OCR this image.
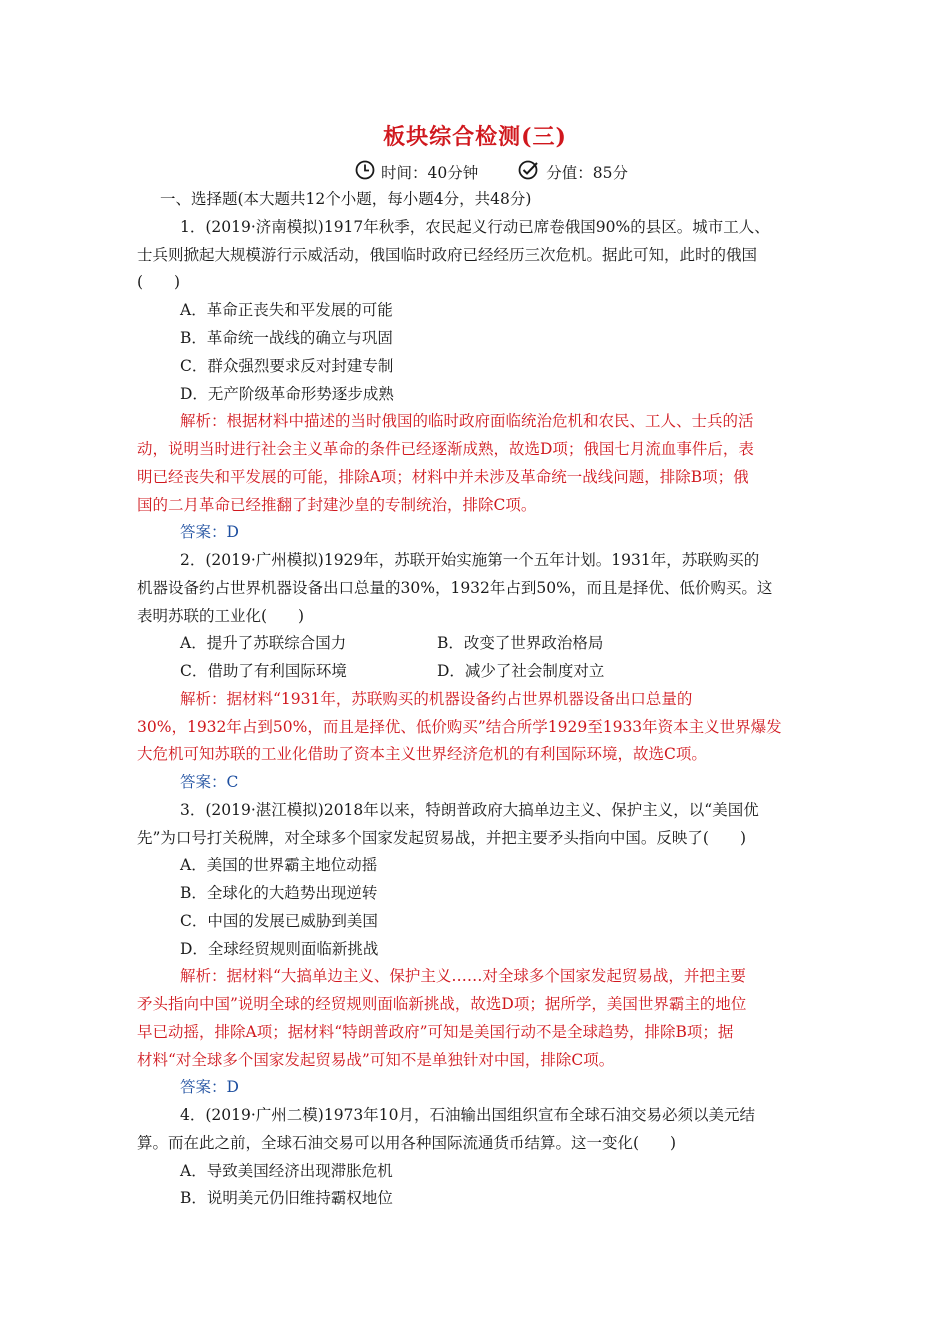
板块综合检测(三)
时间：40分钟	分值：85分
一、选择题(本大题共12个小题，每小题4分，共48分)
1．(2019·济南模拟)1917年秋季，农民起义行动已席卷俄国90%的县区。城市工人、
士兵则掀起大规模游行示威活动，俄国临时政府已经经历三次危机。据此可知，此时的俄国
(　　)
A．革命正丧失和平发展的可能
B．革命统一战线的确立与巩固
C．群众强烈要求反对封建专制
D．无产阶级革命形势逐步成熟
解析：根据材料中描述的当时俄国的临时政府面临统治危机和农民、工人、士兵的活
动，说明当时进行社会主义革命的条件已经逐渐成熟，故选D项；俄国七月流血事件后，表
明已经丧失和平发展的可能，排除A项；材料中并未涉及革命统一战线问题，排除B项；俄
国的二月革命已经推翻了封建沙皇的专制统治，排除C项。
答案：D
2．(2019·广州模拟)1929年，苏联开始实施第一个五年计划。1931年，苏联购买的
机器设备约占世界机器设备出口总量的30%，1932年占到50%，而且是择优、低价购买。这
表明苏联的工业化(　　)
A．提升了苏联综合国力	B．改变了世界政治格局
C．借助了有利国际环境	D．减少了社会制度对立
解析：据材料“1931年，苏联购买的机器设备约占世界机器设备出口总量的
30%，1932年占到50%，而且是择优、低价购买”结合所学1929至1933年资本主义世界爆发
大危机可知苏联的工业化借助了资本主义世界经济危机的有利国际环境，故选C项。
答案：C
3．(2019·湛江模拟)2018年以来，特朗普政府大搞单边主义、保护主义，以“美国优
先”为口号打关税牌，对全球多个国家发起贸易战，并把主要矛头指向中国。反映了(　　)
A．美国的世界霸主地位动摇
B．全球化的大趋势出现逆转
C．中国的发展已威胁到美国
D．全球经贸规则面临新挑战
解析：据材料“大搞单边主义、保护主义……对全球多个国家发起贸易战，并把主要
矛头指向中国”说明全球的经贸规则面临新挑战，故选D项；据所学，美国世界霸主的地位
早已动摇，排除A项；据材料“特朗普政府”可知是美国行动不是全球趋势，排除B项；据
材料“对全球多个国家发起贸易战”可知不是单独针对中国，排除C项。
答案：D
4．(2019·广州二模)1973年10月，石油输出国组织宣布全球石油交易必须以美元结
算。而在此之前，全球石油交易可以用各种国际流通货币结算。这一变化(　　)
A．导致美国经济出现滞胀危机
B．说明美元仍旧维持霸权地位
